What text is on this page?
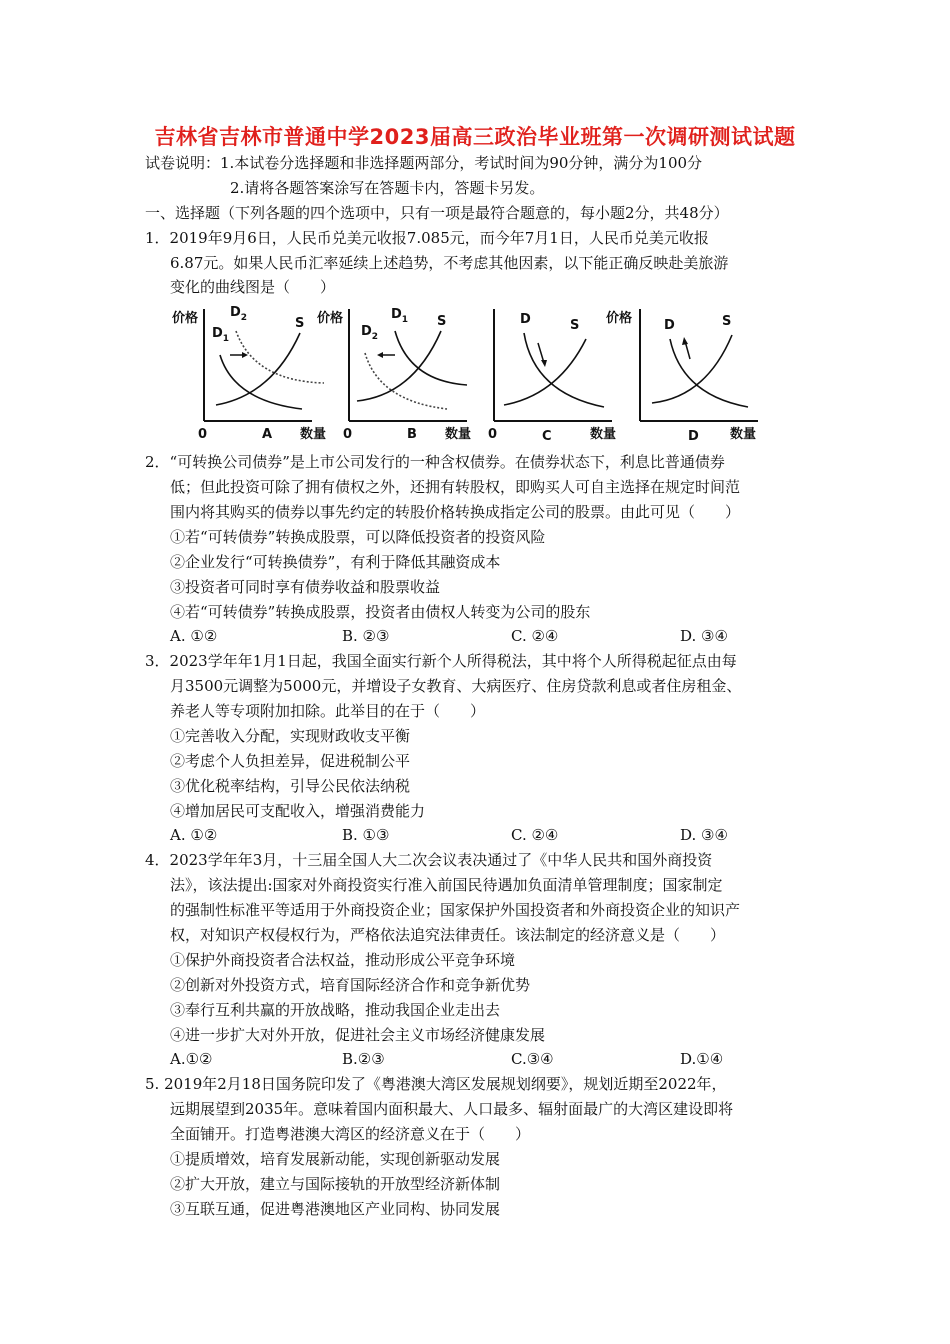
吉林省吉林市普通中学2023届高三政治毕业班第一次调研测试试题
试卷说明：1.本试卷分选择题和非选择题两部分，考试时间为90分钟，满分为100分
2.请将各题答案涂写在答题卡内，答题卡另发。
一、选择题（下列各题的四个选项中，只有一项是最符合题意的，每小题2分，共48分）
1．2019年9月6日，人民币兑美元收报7.085元，而今年7月1日，人民币兑美元收报
6.87元。如果人民币汇率延续上述趋势，不考虑其他因素，以下能正确反映赴美旅游
变化的曲线图是（　　）
价格
0	A 数量
$D_1$
$D_2$	S 价格
0	B 数量
$D_1$
$D_2$
S
0	C	数量
价格
D	S
D 数量
D	S
2．“可转换公司债券”是上市公司发行的一种含权债券。在债券状态下，利息比普通债券
低；但此投资可除了拥有债权之外，还拥有转股权，即购买人可自主选择在规定时间范
围内将其购买的债券以事先约定的转股价格转换成指定公司的股票。由此可见（　　）
①若“可转债券”转换成股票，可以降低投资者的投资风险
②企业发行“可转换债券”，有利于降低其融资成本
③投资者可同时享有债券收益和股票收益
④若“可转债券”转换成股票，投资者由债权人转变为公司的股东
A. ①②	B. ②③	C. ②④	D. ③④
3．2023学年年1月1日起，我国全面实行新个人所得税法，其中将个人所得税起征点由每
月3500元调整为5000元，并增设子女教育、大病医疗、住房贷款利息或者住房租金、
养老人等专项附加扣除。此举目的在于（　　）
①完善收入分配，实现财政收支平衡
②考虑个人负担差异，促进税制公平
③优化税率结构，引导公民依法纳税
④增加居民可支配收入，增强消费能力
A. ①②	B. ①③	C. ②④	D. ③④
4．2023学年年3月，十三届全国人大二次会议表决通过了《中华人民共和国外商投资
法》，该法提出:国家对外商投资实行准入前国民待遇加负面清单管理制度；国家制定
的强制性标准平等适用于外商投资企业；国家保护外国投资者和外商投资企业的知识产
权，对知识产权侵权行为，严格依法追究法律责任。该法制定的经济意义是（　　）
①保护外商投资者合法权益，推动形成公平竞争环境
②创新对外投资方式，培育国际经济合作和竞争新优势
③奉行互利共赢的开放战略，推动我国企业走出去
④进一步扩大对外开放，促进社会主义市场经济健康发展
A.①②	B.②③	C.③④	D.①④
5. 2019年2月18日国务院印发了《粤港澳大湾区发展规划纲要》，规划近期至2022年，
远期展望到2035年。意味着国内面积最大、人口最多、辐射面最广的大湾区建设即将
全面铺开。打造粤港澳大湾区的经济意义在于（　　）
①提质增效，培育发展新动能，实现创新驱动发展
②扩大开放，建立与国际接轨的开放型经济新体制
③互联互通，促进粤港澳地区产业同构、协同发展
